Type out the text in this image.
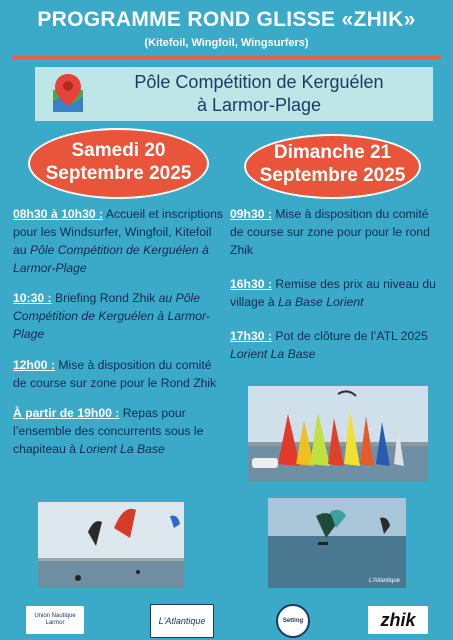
PROGRAMME ROND GLISSE «ZHIK»
(Kitefoil, Wingfoil, Wingsurfers)
Pôle Compétition de Kerguélen
à Larmor-Plage
Samedi 20
Septembre 2025
Dimanche 21
Septembre 2025

08h30 à 10h30 : Accueil et inscriptions pour les Windsurfer, Wingfoil, Kitefoil au Pôle Compétition de Kerguélen à Larmor-Plage

10:30 : Briefing Rond Zhik au Pôle Compétition de Kerguélen à Larmor-Plage

12h00 : Mise à disposition du comité de course sur zone pour le Rond Zhik

À partir de 19h00 : Repas pour l’ensemble des concurrents sous le chapiteau à Lorient La Base

09h30 : Mise à disposition du comité de course sur zone pour pour le rond Zhik

16h30 : Remise des prix au niveau du village à La Base Lorient

17h30 : Pot de clôture de l’ATL 2025 Lorient La Base

L'Atlantique
Union Nautique Larmor	L'Atlantique	Setting	zhik
